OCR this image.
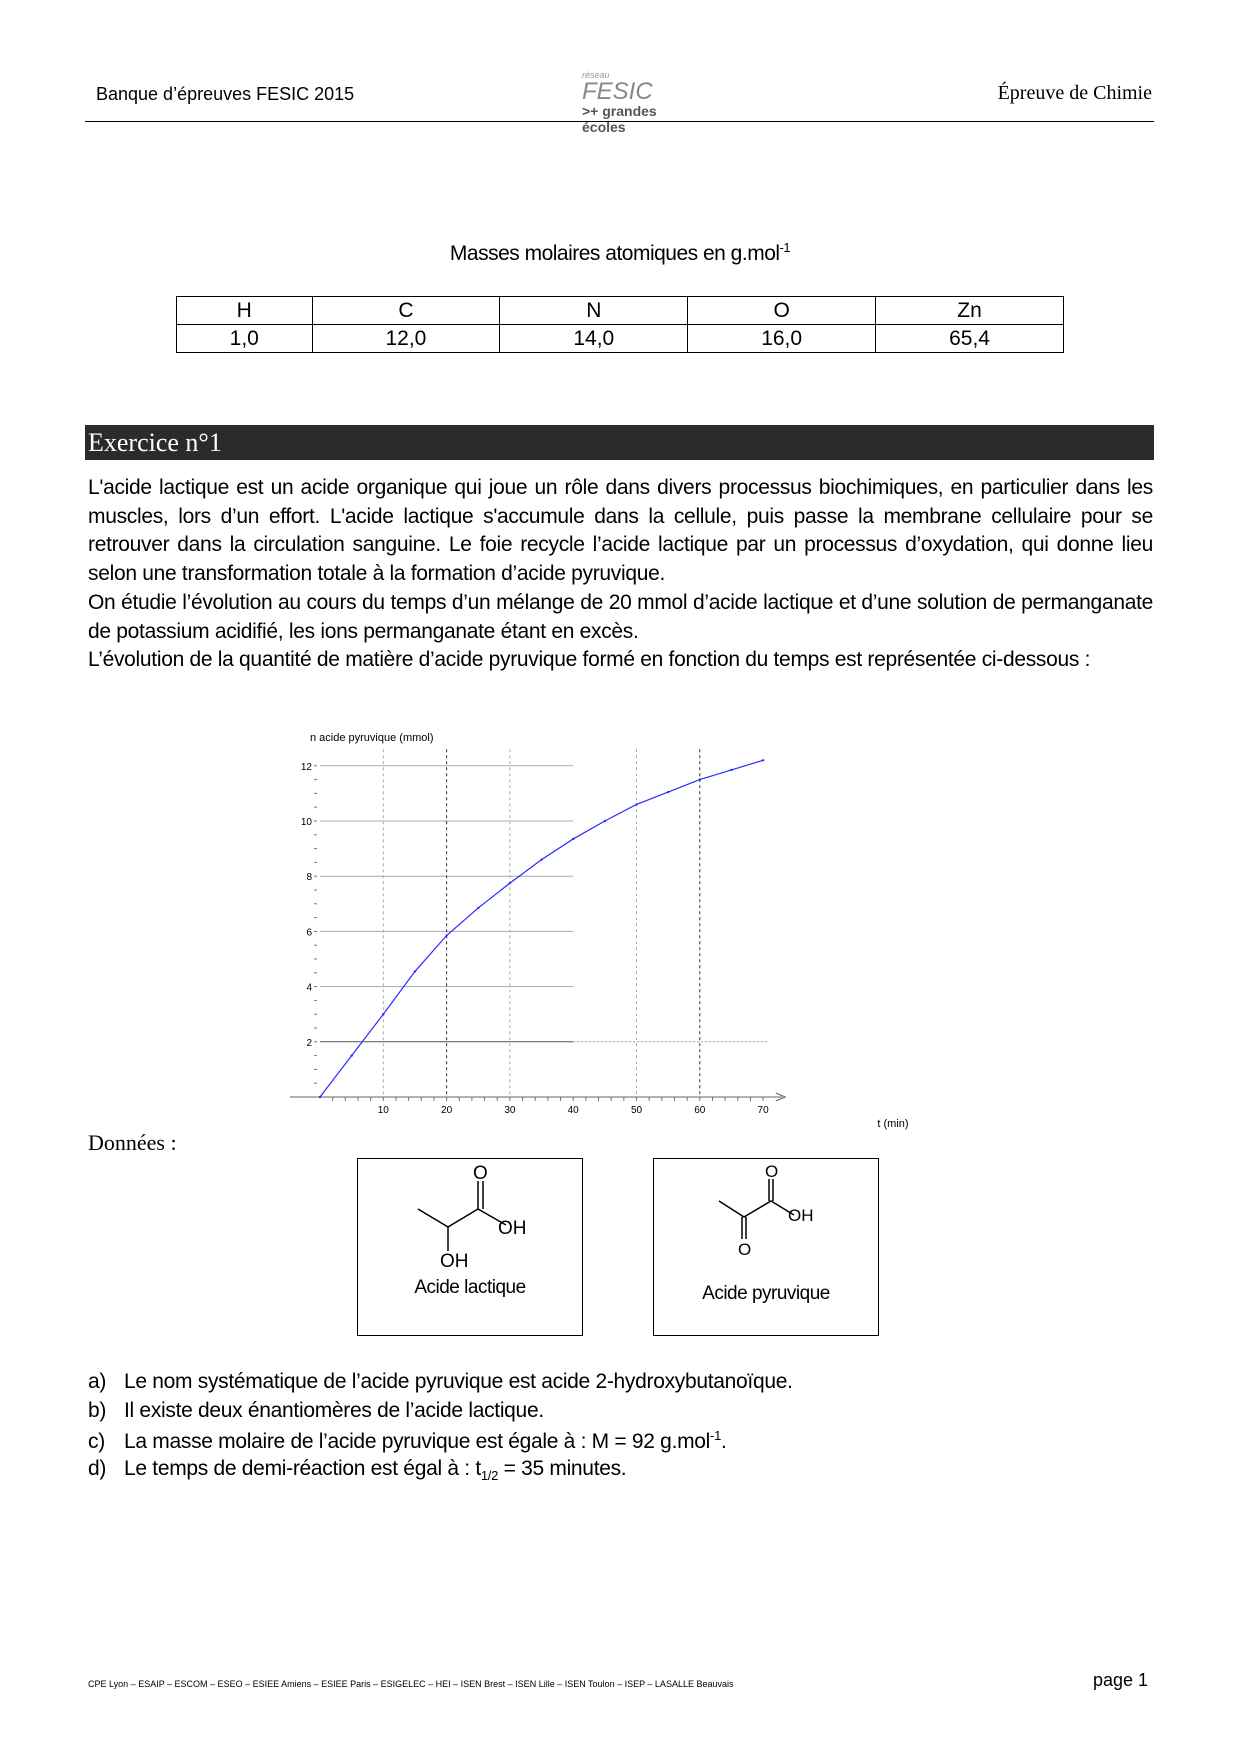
Banque d’épreuves FESIC 2015
réseau
FESIC
>+ grandes écoles
Épreuve de Chimie
Masses molaires atomiques en g.mol$^{-1}$
H	C	N	O	Zn
1,0	12,0	14,0	16,0	65,4
Exercice n°1

L'acide lactique est un acide organique qui joue un rôle dans divers processus biochimiques, en particulier dans les muscles, lors d’un effort. L'acide lactique s'accumule dans la cellule, puis passe la membrane cellulaire pour se retrouver dans la circulation sanguine. Le foie recycle l’acide lactique par un processus d’oxydation, qui donne lieu selon une transformation totale à la formation d’acide pyruvique.

On étudie l’évolution au cours du temps d’un mélange de 20 mmol d’acide lactique et d’une solution de permanganate de potassium acidifié, les ions permanganate étant en excès.

L’évolution de la quantité de matière d’acide pyruvique formé en fonction du temps est représentée ci-dessous :

n acide pyruvique (mmol)
t (min)
2
4
6
8
10
12
10	20	30	40	50	60	70
Données :
O
OH
OH
Acide lactique
O
OH
O
Acide pyruvique
a) Le nom systématique de l’acide pyruvique est acide 2-hydroxybutanoïque.
b) Il existe deux énantiomères de l’acide lactique.
c) La masse molaire de l’acide pyruvique est égale à : M = 92 g.mol$^{-1}$.
d) Le temps de demi-réaction est égal à : $t_{1/2} = 35$ minutes.
CPE Lyon – ESAIP – ESCOM – ESEO – ESIEE Amiens – ESIEE Paris – ESIGELEC – HEI – ISEN Brest – ISEN Lille – ISEN Toulon – ISEP – LASALLE Beauvais	page 1
